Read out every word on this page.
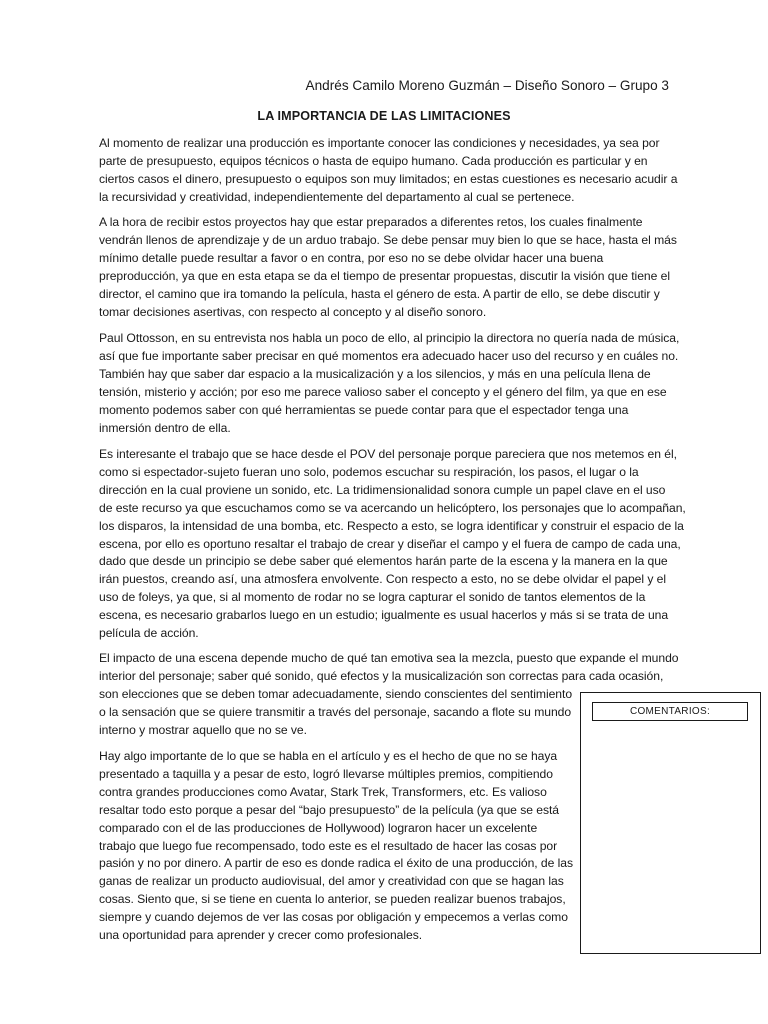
Andrés Camilo Moreno Guzmán – Diseño Sonoro – Grupo 3
LA IMPORTANCIA DE LAS LIMITACIONES

Al momento de realizar una producción es importante conocer las condiciones y necesidades, ya sea por
parte de presupuesto, equipos técnicos o hasta de equipo humano. Cada producción es particular y en
ciertos casos el dinero, presupuesto o equipos son muy limitados; en estas cuestiones es necesario acudir a
la recursividad y creatividad, independientemente del departamento al cual se pertenece.

A la hora de recibir estos proyectos hay que estar preparados a diferentes retos, los cuales finalmente
vendrán llenos de aprendizaje y de un arduo trabajo. Se debe pensar muy bien lo que se hace, hasta el más
mínimo detalle puede resultar a favor o en contra, por eso no se debe olvidar hacer una buena
preproducción, ya que en esta etapa se da el tiempo de presentar propuestas, discutir la visión que tiene el
director, el camino que ira tomando la película, hasta el género de esta. A partir de ello, se debe discutir y
tomar decisiones asertivas, con respecto al concepto y al diseño sonoro.

Paul Ottosson, en su entrevista nos habla un poco de ello, al principio la directora no quería nada de música,
así que fue importante saber precisar en qué momentos era adecuado hacer uso del recurso y en cuáles no.
También hay que saber dar espacio a la musicalización y a los silencios, y más en una película llena de
tensión, misterio y acción; por eso me parece valioso saber el concepto y el género del film, ya que en ese
momento podemos saber con qué herramientas se puede contar para que el espectador tenga una
inmersión dentro de ella.

Es interesante el trabajo que se hace desde el POV del personaje porque pareciera que nos metemos en él,
como si espectador-sujeto fueran uno solo, podemos escuchar su respiración, los pasos, el lugar o la
dirección en la cual proviene un sonido, etc. La tridimensionalidad sonora cumple un papel clave en el uso
de este recurso ya que escuchamos como se va acercando un helicóptero, los personajes que lo acompañan,
los disparos, la intensidad de una bomba, etc. Respecto a esto, se logra identificar y construir el espacio de la
escena, por ello es oportuno resaltar el trabajo de crear y diseñar el campo y el fuera de campo de cada una,
dado que desde un principio se debe saber qué elementos harán parte de la escena y la manera en la que
irán puestos, creando así, una atmosfera envolvente. Con respecto a esto, no se debe olvidar el papel y el
uso de foleys, ya que, si al momento de rodar no se logra capturar el sonido de tantos elementos de la
escena, es necesario grabarlos luego en un estudio; igualmente es usual hacerlos y más si se trata de una
película de acción.

El impacto de una escena depende mucho de qué tan emotiva sea la mezcla, puesto que expande el mundo
interior del personaje; saber qué sonido, qué efectos y la musicalización son correctas para cada ocasión,
son elecciones que se deben tomar adecuadamente, siendo conscientes del sentimiento
o la sensación que se quiere transmitir a través del personaje, sacando a flote su mundo
interno y mostrar aquello que no se ve.

Hay algo importante de lo que se habla en el artículo y es el hecho de que no se haya
presentado a taquilla y a pesar de esto, logró llevarse múltiples premios, compitiendo
contra grandes producciones como Avatar, Stark Trek, Transformers, etc. Es valioso
resaltar todo esto porque a pesar del “bajo presupuesto” de la película (ya que se está
comparado con el de las producciones de Hollywood) lograron hacer un excelente
trabajo que luego fue recompensado, todo este es el resultado de hacer las cosas por
pasión y no por dinero. A partir de eso es donde radica el éxito de una producción, de las
ganas de realizar un producto audiovisual, del amor y creatividad con que se hagan las
cosas. Siento que, si se tiene en cuenta lo anterior, se pueden realizar buenos trabajos,
siempre y cuando dejemos de ver las cosas por obligación y empecemos a verlas como
una oportunidad para aprender y crecer como profesionales.

COMENTARIOS:
